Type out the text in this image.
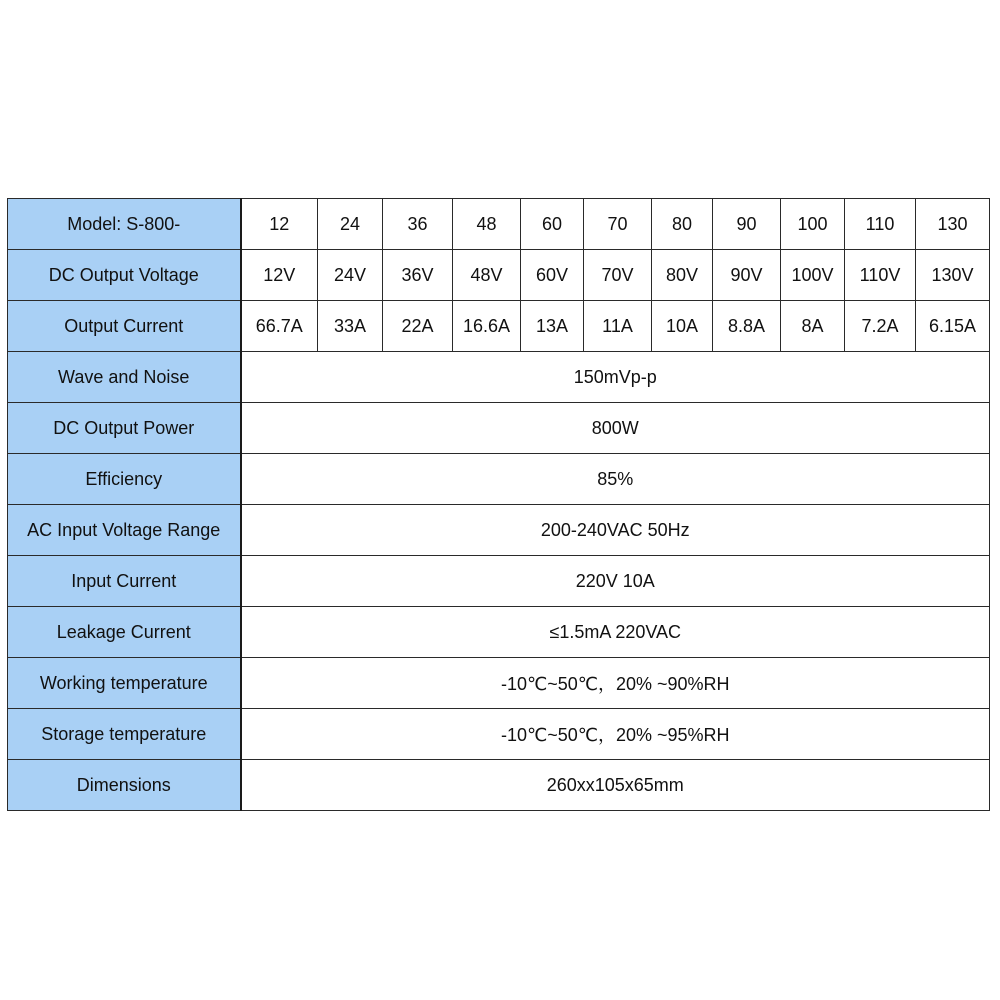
Model: S-800-	12	24	36	48	60	70	80	90	100	110	130
DC Output Voltage	12V	24V	36V	48V	60V	70V	80V	90V	100V	110V	130V
Output Current	66.7A	33A	22A	16.6A	13A	11A	10A	8.8A	8A	7.2A	6.15A
Wave and Noise	150mVp-p										
DC Output Power	800W										
Efficiency	85%										
AC Input Voltage Range	200-240VAC 50Hz										
Input Current	220V 10A										
Leakage Current	≤1.5mA 220VAC										
Working temperature	-10℃~50℃，20% ~90%RH										
Storage temperature	-10℃~50℃，20% ~95%RH										
Dimensions	260xx105x65mm										
